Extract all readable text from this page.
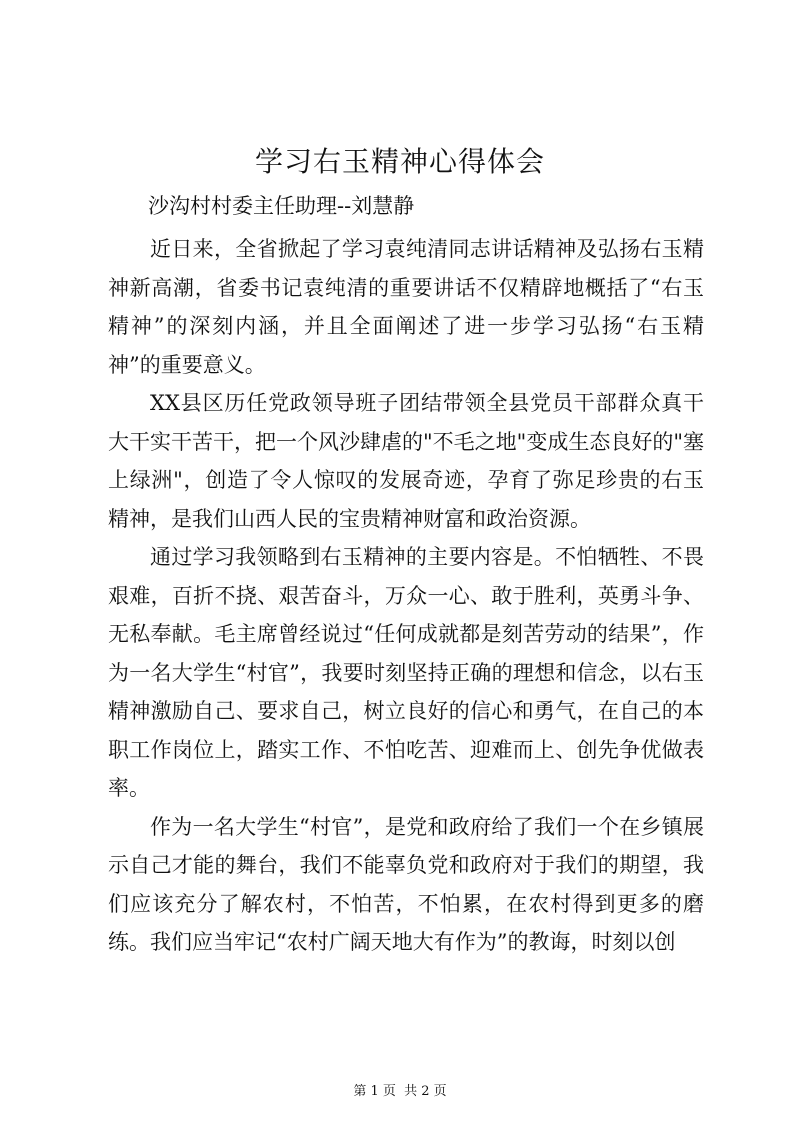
学习右玉精神心得体会

沙沟村村委主任助理--刘慧静

近日来，全省掀起了学习袁纯清同志讲话精神及弘扬右玉精神新高潮，省委书记袁纯清的重要讲话不仅精辟地概括了“右玉精神”的深刻内涵，并且全面阐述了进一步学习弘扬“右玉精神”的重要意义。

XX县区历任党政领导班子团结带领全县党员干部群众真干大干实干苦干，把一个风沙肆虐的"不毛之地"变成生态良好的"塞上绿洲"，创造了令人惊叹的发展奇迹，孕育了弥足珍贵的右玉精神，是我们山西人民的宝贵精神财富和政治资源。

通过学习我领略到右玉精神的主要内容是。不怕牺牲、不畏艰难，百折不挠、艰苦奋斗，万众一心、敢于胜利，英勇斗争、无私奉献。毛主席曾经说过“任何成就都是刻苦劳动的结果”，作为一名大学生“村官”，我要时刻坚持正确的理想和信念，以右玉精神激励自己、要求自己，树立良好的信心和勇气，在自己的本职工作岗位上，踏实工作、不怕吃苦、迎难而上、创先争优做表率。

作为一名大学生“村官”，是党和政府给了我们一个在乡镇展示自己才能的舞台，我们不能辜负党和政府对于我们的期望，我们应该充分了解农村，不怕苦，不怕累，在农村得到更多的磨练。我们应当牢记“农村广阔天地大有作为”的教诲，时刻以创

第 1 页  共 2 页
